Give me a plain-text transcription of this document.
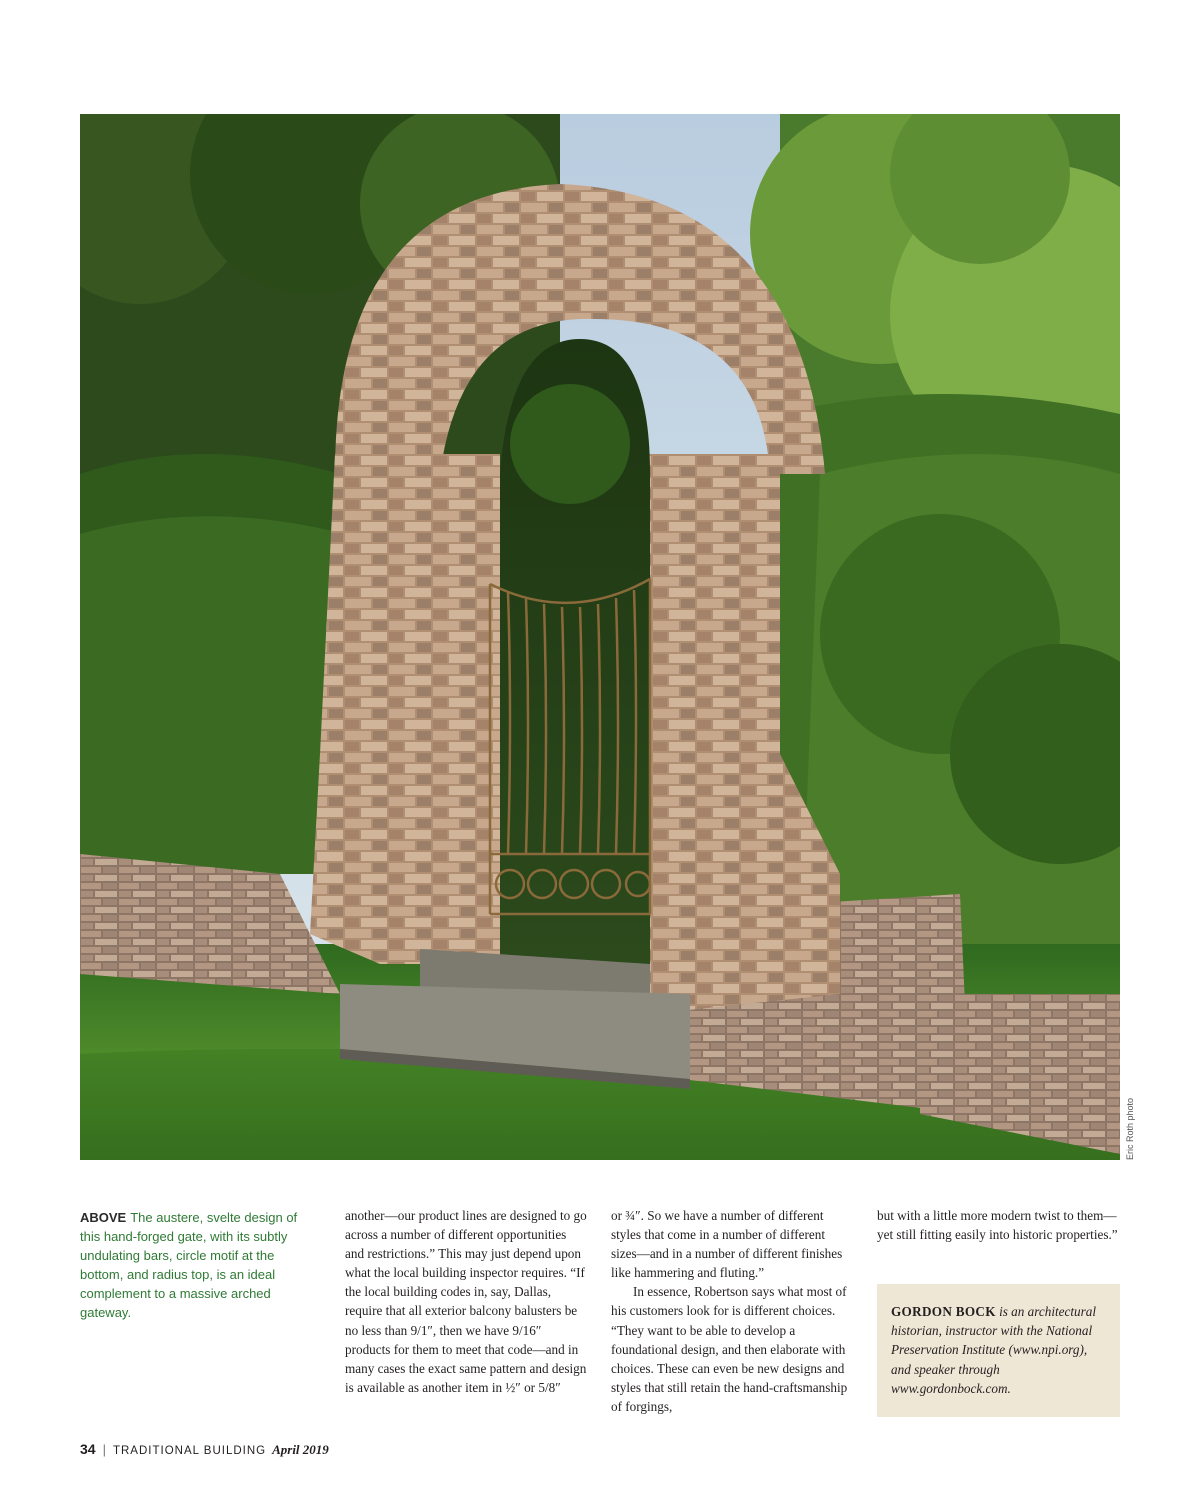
Eric Roth photo
ABOVE The austere, svelte design of this hand-forged gate, with its subtly undulating bars, circle motif at the bottom, and radius top, is an ideal complement to a massive arched gateway.

another—our product lines are designed to go across a number of different opportunities and restrictions.” This may just depend upon what the local building inspector requires. “If the local building codes in, say, Dallas, require that all exterior balcony balusters be no less than 9/1″, then we have 9/16″ products for them to meet that code—and in many cases the exact same pattern and design is available as another item in ½″ or 5/8″

or ¾″. So we have a number of different styles that come in a number of different sizes—and in a number of different finishes like hammering and fluting.”

In essence, Robertson says what most of his customers look for is different choices. “They want to be able to develop a foundational design, and then elaborate with choices. These can even be new designs and styles that still retain the hand-craftsmanship of forgings,

but with a little more modern twist to them—yet still fitting easily into historic properties.”

GORDON BOCK is an architectural historian, instructor with the National Preservation Institute (www.npi.org), and speaker through www.gordonbock.com.
34 | TRADITIONAL BUILDING April 2019
